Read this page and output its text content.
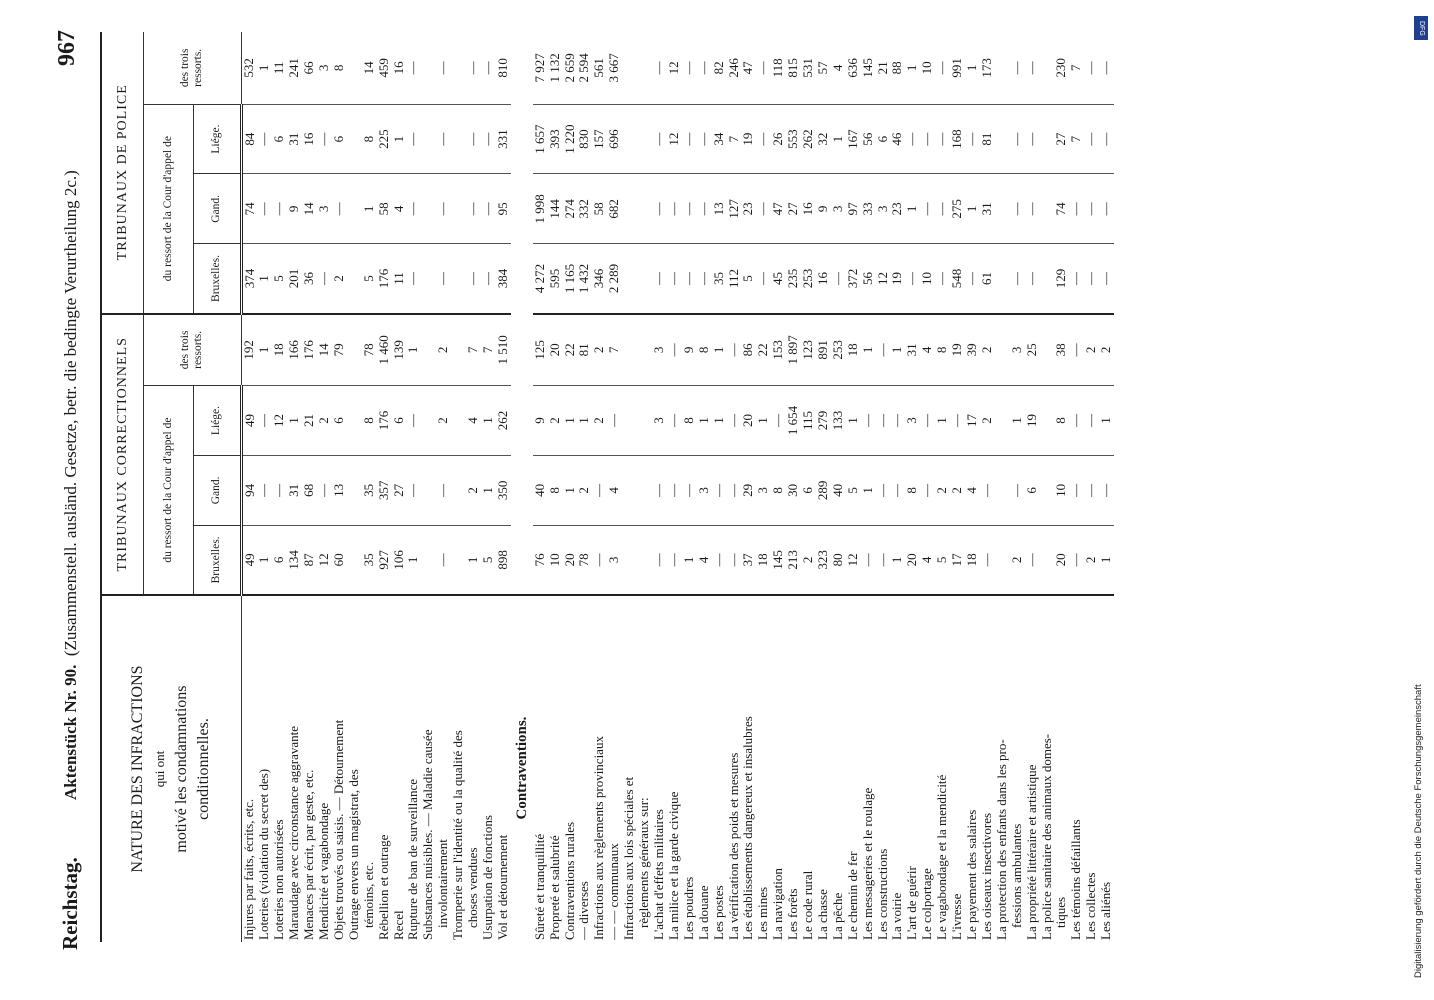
Reichstag.
Aktenstück Nr. 90.  (Zusammenstell. ausländ. Gesetze, betr. die bedingte Verurtheilung 2c.)
967
NATURE DES INFRACTIONS qui ont motivé les condamnations conditionnelles.	TRIBUNAUX CORRECTIONNELS				TRIBUNAUX DE POLICE			
	du ressort de la Cour d'appel de			des trois ressorts.	du ressort de la Cour d'appel de			des trois ressorts.
	Bruxelles.	Gand.	Liége.		Bruxelles.	Gand.	Liége.	

Injures par faits, écrits, etc.	49	94	49	192	374	74	84	532

Loteries (violation du secret des)	1	—	—	1	1	—	—	1

Loteries non autorisées	6	—	12	18	5	—	6	11

Maraudage avec circonstance aggravante	134	31	1	166	201	9	31	241

Menaces par écrit, par geste, etc.	87	68	21	176	36	14	16	66

Mendicité et vagabondage	12	—	2	14	—	3	—	3

Objets trouvés ou saisis. — Détournement	60	13	6	79	2	—	6	8

Outrage envers un magistrat, des témoins, etc.	35	35	8	78	5	1	8	14

Rébellion et outrage	927	357	176	1 460	176	58	225	459

Recel	106	27	6	139	11	4	1	16

Rupture de ban de surveillance	1	—	—	1	—	—	—	—

Substances nuisibles. — Maladie causée involontairement	—	—	2	2	—	—	—	—

Tromperie sur l'identité ou la qualité des choses vendues	1	2	4	7	—	—	—	—

Usurpation de fonctions	5	1	1	7	—	—	—	—

Vol et détournement	898	350	262	1 510	384	95	331	810

Contraventions.								

Sûreté et tranquillité	76	40	9	125	4 272	1 998	1 657	7 927

Propreté et salubrité	10	8	2	20	595	144	393	1 132

Contraventions rurales	20	1	1	22	1 165	274	1 220	2 659

— diverses	78	2	1	81	1 432	332	830	2 594

Infractions aux règlements provinciaux	—	—	2	2	346	58	157	561

— — communaux	3	4	—	7	2 289	682	696	3 667

Infractions aux lois spéciales et règlements généraux sur:								

L'achat d'effets militaires	—	—	3	3	—	—	—	—

La milice et la garde civique	—	—	—	—	—	—	12	12

Les poudres	1	—	8	9	—	—	—	—

La douane	4	3	1	8	—	—	—	—

Les postes	—	—	1	1	35	13	34	82

La vérification des poids et mesures	—	—	—	—	112	127	7	246

Les établissements dangereux et insalubres	37	29	20	86	5	23	19	47

Les mines	18	3	1	22	—	—	—	—

La navigation	145	8	—	153	45	47	26	118

Les forêts	213	30	1 654	1 897	235	27	553	815

Le code rural	2	6	115	123	253	16	262	531

La chasse	323	289	279	891	16	9	32	57

La pêche	80	40	133	253	—	3	1	4

Le chemin de fer	12	5	1	18	372	97	167	636

Les messageries et le roulage	—	1	—	1	56	33	56	145

Les constructions	—	—	—	—	12	3	6	21

La voirie	1	—	—	1	19	23	46	88

L'art de guérir	20	8	3	31	—	1	—	1

Le colportage	4	—	—	4	10	—	—	10

Le vagabondage et la mendicité	5	2	1	8	—	—	—	—

L'ivresse	17	2	—	19	548	275	168	991

Le payement des salaires	18	4	17	39	—	1	—	1

Les oiseaux insectivores	—	—	2	2	61	31	81	173

La protection des enfants dans les pro- fessions ambulantes	2	—	1	3	—	—	—	—

La propriété littéraire et artistique	—	6	19	25	—	—	—	—

La police sanitaire des animaux domes- tiques	20	10	8	38	129	74	27	230

Les témoins défaillants	—	—	—	—	—	—	7	7

Les collectes	2	—	—	2	—	—	—	—

Les aliénés	1	—	1	2	—	—	—	—
DFG
Digitalisierung gefördert durch die Deutsche Forschungsgemeinschaft
